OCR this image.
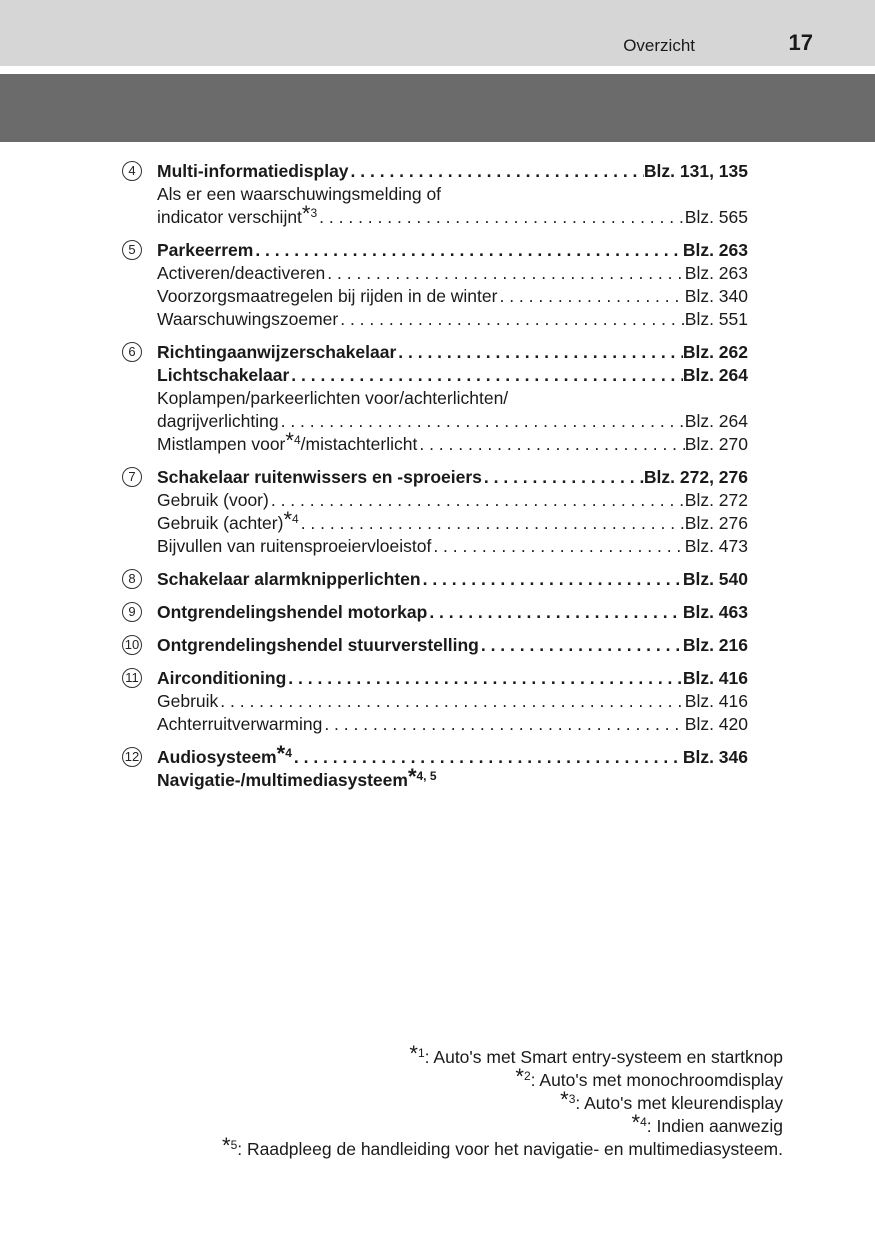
Overzicht	17
4	Multi-informatiedisplay . . .	Blz. 131, 135
Als er een waarschuwingsmelding of
indicator verschijnt*$^3$ . . .	Blz. 565
5	Parkeerrem . . .	Blz. 263
Activeren/deactiveren . . .	Blz. 263
Voorzorgsmaatregelen bij rijden in de winter . . .	Blz. 340
Waarschuwingszoemer . . .	Blz. 551
6	Richtingaanwijzerschakelaar . . .	Blz. 262
Lichtschakelaar . . .	Blz. 264
Koplampen/parkeerlichten voor/achterlichten/
dagrijverlichting . . .	Blz. 264
Mistlampen voor*$^4$/mistachterlicht . . .	Blz. 270
7	Schakelaar ruitenwissers en -sproeiers . . .	Blz. 272, 276
Gebruik (voor) . . .	Blz. 272
Gebruik (achter)*$^4$ . . .	Blz. 276
Bijvullen van ruitensproeiervloeistof . . .	Blz. 473
8	Schakelaar alarmknipperlichten . . .	Blz. 540
9	Ontgrendelingshendel motorkap . . .	Blz. 463
10 Ontgrendelingshendel stuurverstelling . . .	Blz. 216
11 Airconditioning . . .	Blz. 416
Gebruik . . .	Blz. 416
Achterruitverwarming . . .	Blz. 420
12 Audiosysteem*$^4$ . . .	Blz. 346
Navigatie-/multimediasysteem*$^{4, 5}$
*$^1$: Auto's met Smart entry-systeem en startknop
*$^2$: Auto's met monochroomdisplay
*$^3$: Auto's met kleurendisplay
*$^4$: Indien aanwezig
*$^5$: Raadpleeg de handleiding voor het navigatie- en multimediasysteem.
